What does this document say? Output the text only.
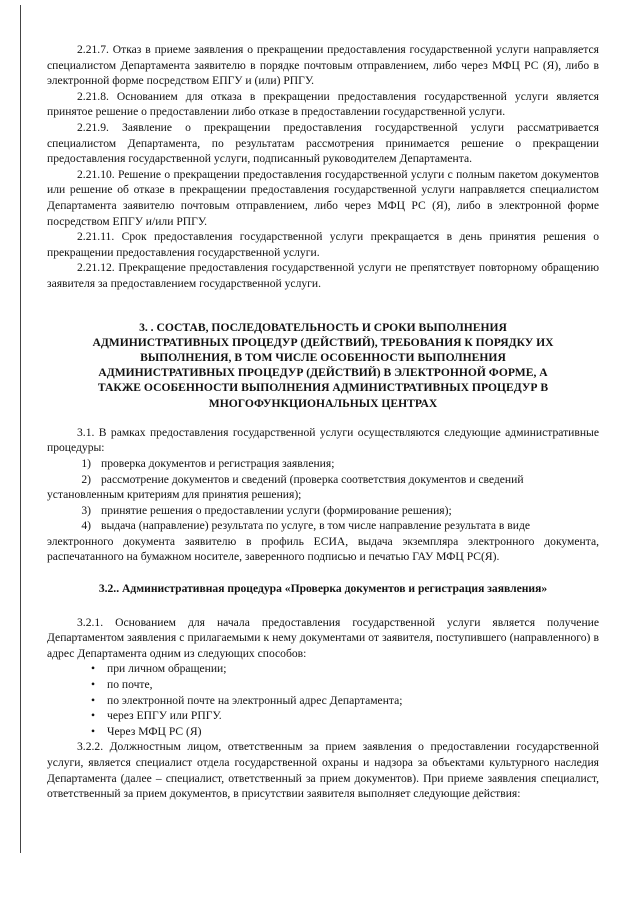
2.21.7. Отказ в приеме заявления о прекращении предоставления государственной услуги направляется специалистом Департамента заявителю в порядке почтовым отправлением, либо через МФЦ РС (Я), либо в электронной форме посредством ЕПГУ и (или) РПГУ.

2.21.8. Основанием для отказа в прекращении предоставления государственной услуги является принятое решение о предоставлении либо отказе в предоставлении государственной услуги.

2.21.9. Заявление о прекращении предоставления государственной услуги рассматривается специалистом Департамента, по результатам рассмотрения принимается решение о прекращении предоставления государственной услуги, подписанный руководителем Департамента.

2.21.10. Решение о прекращении предоставления государственной услуги с полным пакетом документов или решение об отказе в прекращении предоставления государственной услуги направляется специалистом Департамента заявителю почтовым отправлением, либо через МФЦ РС (Я), либо в электронной форме посредством ЕПГУ и/или РПГУ.

2.21.11. Срок предоставления государственной услуги прекращается в день принятия решения о прекращении предоставления государственной услуги.

2.21.12. Прекращение предоставления государственной услуги не препятствует повторному обращению заявителя за предоставлением государственной услуги.

3. . СОСТАВ, ПОСЛЕДОВАТЕЛЬНОСТЬ И СРОКИ ВЫПОЛНЕНИЯ АДМИНИСТРАТИВНЫХ ПРОЦЕДУР (ДЕЙСТВИЙ), ТРЕБОВАНИЯ К ПОРЯДКУ ИХ ВЫПОЛНЕНИЯ, В ТОМ ЧИСЛЕ ОСОБЕННОСТИ ВЫПОЛНЕНИЯ АДМИНИСТРАТИВНЫХ ПРОЦЕДУР (ДЕЙСТВИЙ) В ЭЛЕКТРОННОЙ ФОРМЕ, А ТАКЖЕ ОСОБЕННОСТИ ВЫПОЛНЕНИЯ АДМИНИСТРАТИВНЫХ ПРОЦЕДУР В МНОГОФУНКЦИОНАЛЬНЫХ ЦЕНТРАХ

3.1. В рамках предоставления государственной услуги осуществляются следующие административные процедуры:

1) проверка документов и регистрация заявления;
2) рассмотрение документов и сведений (проверка соответствия документов и сведений

установленным критериям для принятия решения);

3) принятие решения о предоставлении услуги (формирование решения);
4) выдача (направление) результата по услуге, в том числе направление результата в виде

электронного документа заявителю в профиль ЕСИА, выдача экземпляра электронного документа, распечатанного на бумажном носителе, заверенного подписью и печатью ГАУ МФЦ РС(Я).

3.2.. Административная процедура «Проверка документов и регистрация заявления»

3.2.1. Основанием для начала предоставления государственной услуги является получение Департаментом заявления с прилагаемыми к нему документами от заявителя, поступившего (направленного) в адрес Департамента одним из следующих способов:

•	при личном обращении;
•	по почте,
•	по электронной почте на электронный адрес Департамента;
•	через ЕПГУ или РПГУ.
•	Через МФЦ РС (Я)

3.2.2. Должностным лицом, ответственным за прием заявления о предоставлении государственной услуги, является специалист отдела государственной охраны и надзора за объектами культурного наследия Департамента (далее – специалист, ответственный за прием документов). При приеме заявления специалист, ответственный за прием документов, в присутствии заявителя выполняет следующие действия:
